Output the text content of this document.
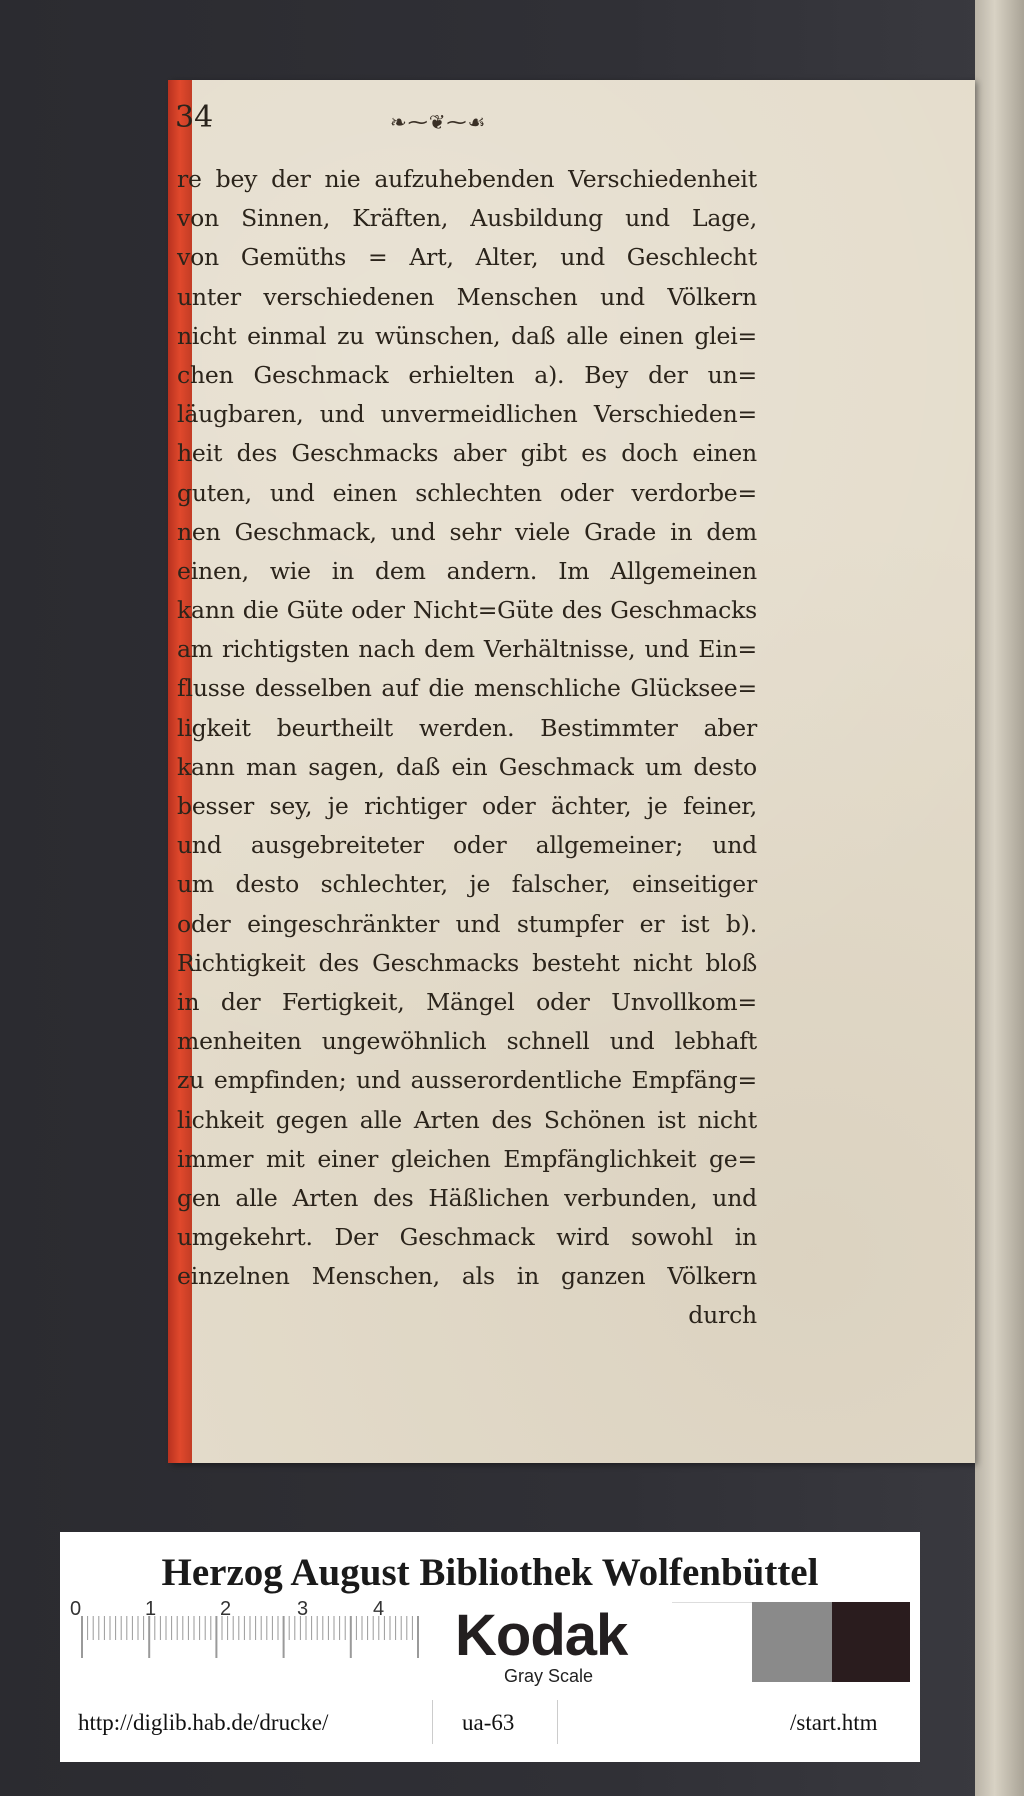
34	❧⁓❦⁓☙
re bey der nie aufzuhebenden Verschiedenheit
von Sinnen, Kräften, Ausbildung und Lage,
von Gemüths = Art, Alter, und Geschlecht
unter verschiedenen Menschen und Völkern
nicht einmal zu wünschen, daß alle einen glei=
chen Geschmack erhielten a). Bey der un=
läugbaren, und unvermeidlichen Verschieden=
heit des Geschmacks aber gibt es doch einen
guten, und einen schlechten oder verdorbe=
nen Geschmack, und sehr viele Grade in dem
einen, wie in dem andern. Im Allgemeinen
kann die Güte oder Nicht=Güte des Geschmacks
am richtigsten nach dem Verhältnisse, und Ein=
flusse desselben auf die menschliche Glücksee=
ligkeit beurtheilt werden. Bestimmter aber
kann man sagen, daß ein Geschmack um desto
besser sey, je richtiger oder ächter, je feiner,
und ausgebreiteter oder allgemeiner; und
um desto schlechter, je falscher, einseitiger
oder eingeschränkter und stumpfer er ist b).
Richtigkeit des Geschmacks besteht nicht bloß
in der Fertigkeit, Mängel oder Unvollkom=
menheiten ungewöhnlich schnell und lebhaft
zu empfinden; und ausserordentliche Empfäng=
lichkeit gegen alle Arten des Schönen ist nicht
immer mit einer gleichen Empfänglichkeit ge=
gen alle Arten des Häßlichen verbunden, und
umgekehrt. Der Geschmack wird sowohl in
einzelnen Menschen, als in ganzen Völkern
durch
Herzog August Bibliothek Wolfenbüttel
0	1	2	3	4 Kodak
Gray Scale
http://diglib.hab.de/drucke/	ua-63	/start.htm
